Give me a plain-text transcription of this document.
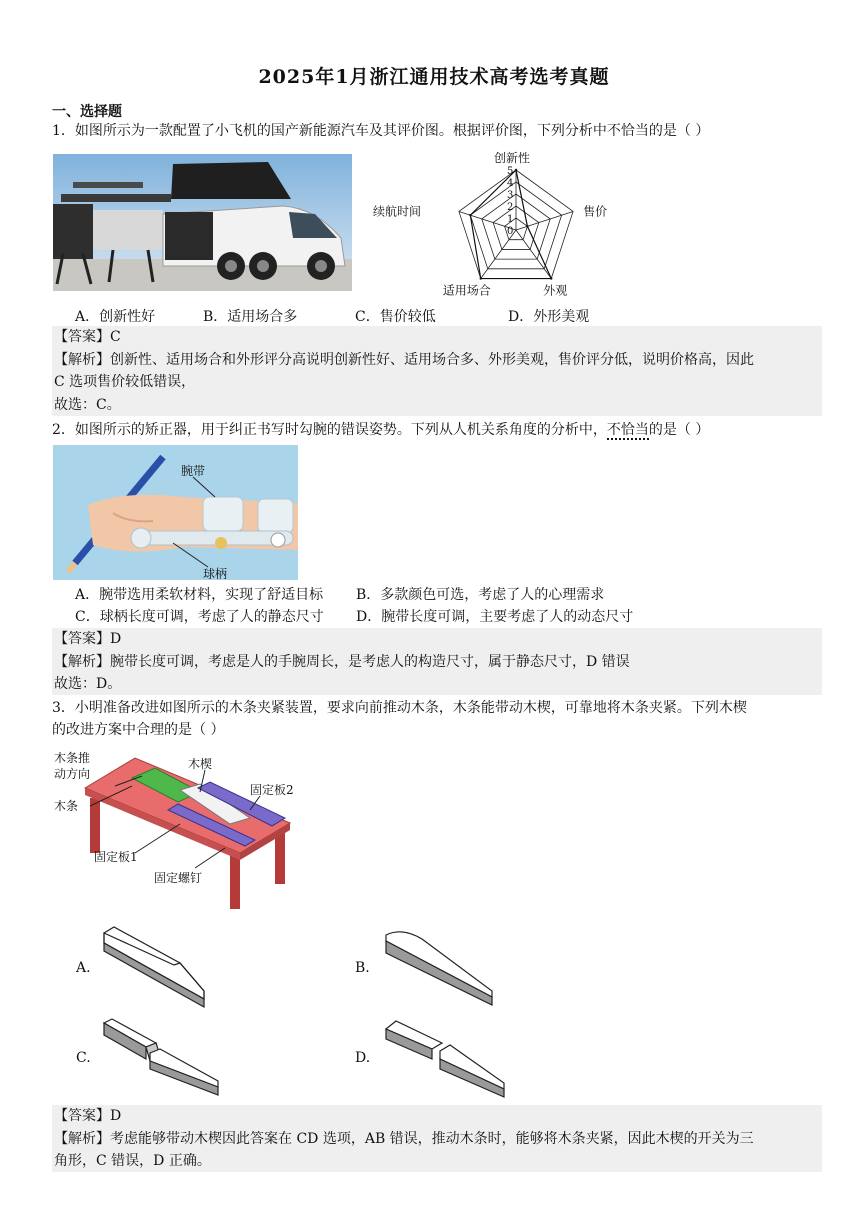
2025年1月浙江通用技术高考选考真题
一、选择题
1．如图所示为一款配置了小飞机的国产新能源汽车及其评价图。根据评价图，下列分析中不恰当的是（ ）
0
1
2
3
4
5
创新性
售价
外观
适用场合
续航时间
A．创新性好	B．适用场合多	C．售价较低	D．外形美观
【答案】C
【解析】创新性、适用场合和外形评分高说明创新性好、适用场合多、外形美观，售价评分低，说明价格高，因此
C 选项售价较低错误，
故选：C。
2．如图所示的矫正器，用于纠正书写时勾腕的错误姿势。下列从人机关系角度的分析中，不恰当的是（ ）
腕带
球柄
A．腕带选用柔软材料，实现了舒适目标 B．多款颜色可选，考虑了人的心理需求
C．球柄长度可调，考虑了人的静态尺寸 D．腕带长度可调，主要考虑了人的动态尺寸
【答案】D
【解析】腕带长度可调，考虑是人的手腕周长，是考虑人的构造尺寸，属于静态尺寸，D 错误
故选：D。
3．小明准备改进如图所示的木条夹紧装置，要求向前推动木条，木条能带动木楔，可靠地将木条夹紧。下列木楔
的改进方案中合理的是（ ）
木条推
动方向
木条
木楔
固定板2
固定板1
固定螺钉
A.	B.
C.	D.
【答案】D
【解析】考虑能够带动木楔因此答案在 CD 选项，AB 错误，推动木条时，能够将木条夹紧，因此木楔的开关为三
角形，C 错误，D 正确。
